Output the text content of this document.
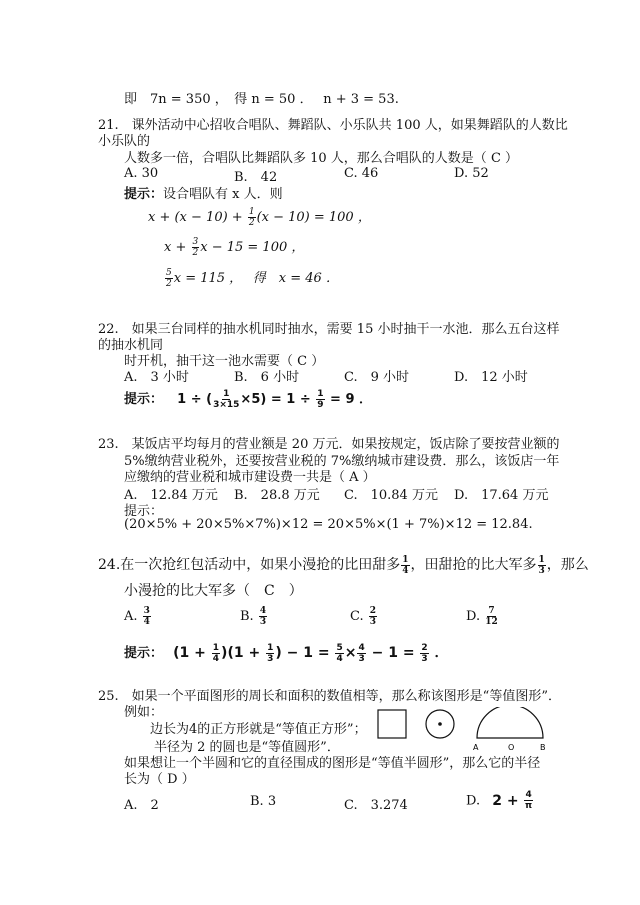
即　7n = 350 ，　得 n = 50 ．　 n + 3 = 53.
21.　课外活动中心招收合唱队、舞蹈队、小乐队共 100 人，如果舞蹈队的人数比
小乐队的
人数多一倍，合唱队比舞蹈队多 10 人，那么合唱队的人数是（ C ）
A. 30	B.　42	C. 46	D. 52
提示：设合唱队有 x 人．则
$x + (x - 10) + \frac{1}{2} (x - 10) = 100$ ，
$x + \frac{3}{2}$ x − 15 = 100 ，
$\frac{5}{2}$ x = 115 ，　 得　x = 46 ．
22.　如果三台同样的抽水机同时抽水，需要 15 小时抽干一水池．那么五台这样
的抽水机同
时开机，抽干这一池水需要（ C ）
A.　3 小时	B.　6 小时	C.　9 小时	D.　12 小时
提示： 1 ÷ ( $\frac{1}{3\times 15} \times 5) = 1 \div \frac{1}{9} = 9$ ．
23.　某饭店平均每月的营业额是 20 万元．如果按规定，饭店除了要按营业额的
5%缴纳营业税外，还要按营业税的 7%缴纳城市建设费．那么，该饭店一年
应缴纳的营业税和城市建设费一共是（ A ）
A.　12.84 万元 B.　28.8 万元 C.　10.84 万元 D.　17.64 万元
提示：
(20×5% + 20×5%×7%)×12 = 20×5%×(1 + 7%)×12 = 12.84.
24.在一次抢红包活动中，如果小漫抢的比田甜多 $\frac{1}{4}$ ，田甜抢的比大军多 $\frac{1}{3}$ ，那么
小漫抢的比大军多（　C　）
A. $\frac{3}{4}$	B. $\frac{4}{3}$	C. $\frac{2}{3}$	D. $\frac{7}{12}$
提示： $(1 + \frac{1}{4} )(1 + \frac{1}{3}$ ) − $1 = \frac{5}{4} \times \frac{4}{3} - 1 = \frac{2}{3}$ ．
25.　如果一个平面图形的周长和面积的数值相等，那么称该图形是“等值图形”．
例如：
边长为4的正方形就是“等值正方形”；
半径为 2 的圆也是“等值圆形”．
如果想让一个半圆和它的直径围成的图形是“等值半圆形”，那么它的半径
长为（ D ）
A	O	B
A.　2	B. 3	C.　3.274	D. $2 + \frac{4}{\pi}$
